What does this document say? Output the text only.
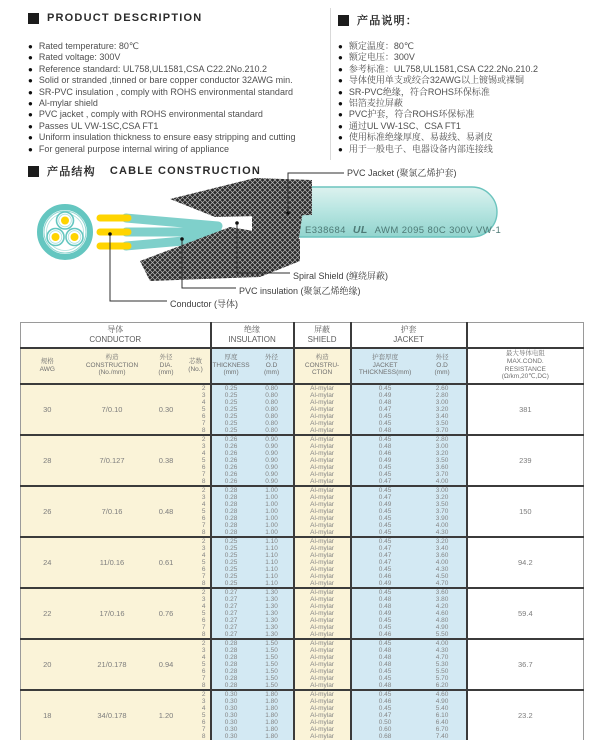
PRODUCT DESCRIPTION
● Rated temperature: 80℃
● Rated voltage: 300V
● Reference standard: UL758,UL1581,CSA C22.2No.210.2
● Solid or stranded ,tinned or bare copper conductor 32AWG min.
● SR-PVC insulation , comply with ROHS environmental standard
● Al-mylar shield
● PVC jacket , comply with ROHS environmental standard
● Passes UL VW-1SC,CSA FT1
● Uniform insulation thickness to ensure easy stripping and cutting
● For general purpose internal wiring of appliance
产品说明：
● 额定温度：80℃
● 额定电压：300V
● 参考标准：UL758,UL1581,CSA C22.2No.210.2
● 导体使用单支或绞合32AWG以上镀锡或裸铜
● SR-PVC绝缘，符合ROHS环保标准
● 铝箔麦拉屏蔽
● PVC护套，符合ROHS环保标准
● 通过UL VW-1SC、CSA FT1
● 使用标准绝缘厚度、易裁线、易剥皮
● 用于一般电子、电器设备内部连接线
产品结构 CABLE CONSTRUCTION
E338684 UL AWM 2095 80C 300V VW-1
PVC Jacket (聚氯乙烯护套)
Spiral Shield (缠绕屏蔽)
PVC insulation (聚氯乙烯绝缘)
Conductor (导体)
导体
CONDUCTOR

绝缘
INSULATION

屏蔽
SHIELD

护套
JACKET

规格
AWG

构造
CONSTRUCTION
(No./mm)

外径
DIA.
(mm)

芯数
(No.)

厚度
THICKNESS
(mm)

外径
O.D
(mm)

构造
CONSTRU-
CTION

护套厚度
JACKET
THICKNESS(mm)

外径
O.D
(mm)

最大导体电阻
MAX.COND.
RESISTANCE
(Ω/km,20℃,DC)

30	7/0.10	0.30	2	0.25	0.80	Al-mylar	0.45	2.60	381
			3	0.25	0.80	Al-mylar	0.49	2.80	
			4	0.25	0.80	Al-mylar	0.48	3.00	
			5	0.25	0.80	Al-mylar	0.47	3.20	
			6	0.25	0.80	Al-mylar	0.45	3.40	
			7	0.25	0.80	Al-mylar	0.45	3.50	
			8	0.25	0.80	Al-mylar	0.48	3.70	
28	7/0.127	0.38	2	0.26	0.90	Al-mylar	0.45	2.80	239
			3	0.26	0.90	Al-mylar	0.48	3.00	
			4	0.26	0.90	Al-mylar	0.46	3.20	
			5	0.26	0.90	Al-mylar	0.49	3.50	
			6	0.26	0.90	Al-mylar	0.45	3.60	
			7	0.26	0.90	Al-mylar	0.45	3.70	
			8	0.26	0.90	Al-mylar	0.47	4.00	
26	7/0.16	0.48	2	0.28	1.00	Al-mylar	0.45	3.00	150
			3	0.28	1.00	Al-mylar	0.47	3.20	
			4	0.28	1.00	Al-mylar	0.49	3.50	
			5	0.28	1.00	Al-mylar	0.45	3.70	
			6	0.28	1.00	Al-mylar	0.45	3.90	
			7	0.28	1.00	Al-mylar	0.45	4.00	
			8	0.28	1.00	Al-mylar	0.45	4.30	
24	11/0.16	0.61	2	0.25	1.10	Al-mylar	0.45	3.20	94.2
			3	0.25	1.10	Al-mylar	0.47	3.40	
			4	0.25	1.10	Al-mylar	0.47	3.60	
			5	0.25	1.10	Al-mylar	0.47	4.00	
			6	0.25	1.10	Al-mylar	0.45	4.30	
			7	0.25	1.10	Al-mylar	0.46	4.50	
			8	0.25	1.10	Al-mylar	0.49	4.70	
22	17/0.16	0.76	2	0.27	1.30	Al-mylar	0.45	3.60	59.4
			3	0.27	1.30	Al-mylar	0.48	3.80	
			4	0.27	1.30	Al-mylar	0.48	4.20	
			5	0.27	1.30	Al-mylar	0.49	4.60	
			6	0.27	1.30	Al-mylar	0.45	4.80	
			7	0.27	1.30	Al-mylar	0.45	4.90	
			8	0.27	1.30	Al-mylar	0.46	5.50	
20	21/0.178	0.94	2	0.28	1.50	Al-mylar	0.45	4.00	36.7
			3	0.28	1.50	Al-mylar	0.48	4.30	
			4	0.28	1.50	Al-mylar	0.48	4.70	
			5	0.28	1.50	Al-mylar	0.48	5.30	
			6	0.28	1.50	Al-mylar	0.45	5.50	
			7	0.28	1.50	Al-mylar	0.45	5.70	
			8	0.28	1.50	Al-mylar	0.48	6.20	
18	34/0.178	1.20	2	0.30	1.80	Al-mylar	0.45	4.60	23.2
			3	0.30	1.80	Al-mylar	0.46	4.90	
			4	0.30	1.80	Al-mylar	0.45	5.40	
			5	0.30	1.80	Al-mylar	0.47	6.10	
			6	0.30	1.80	Al-mylar	0.50	6.40	
			7	0.30	1.80	Al-mylar	0.60	6.70	
			8	0.30	1.80	Al-mylar	0.68	7.40	
